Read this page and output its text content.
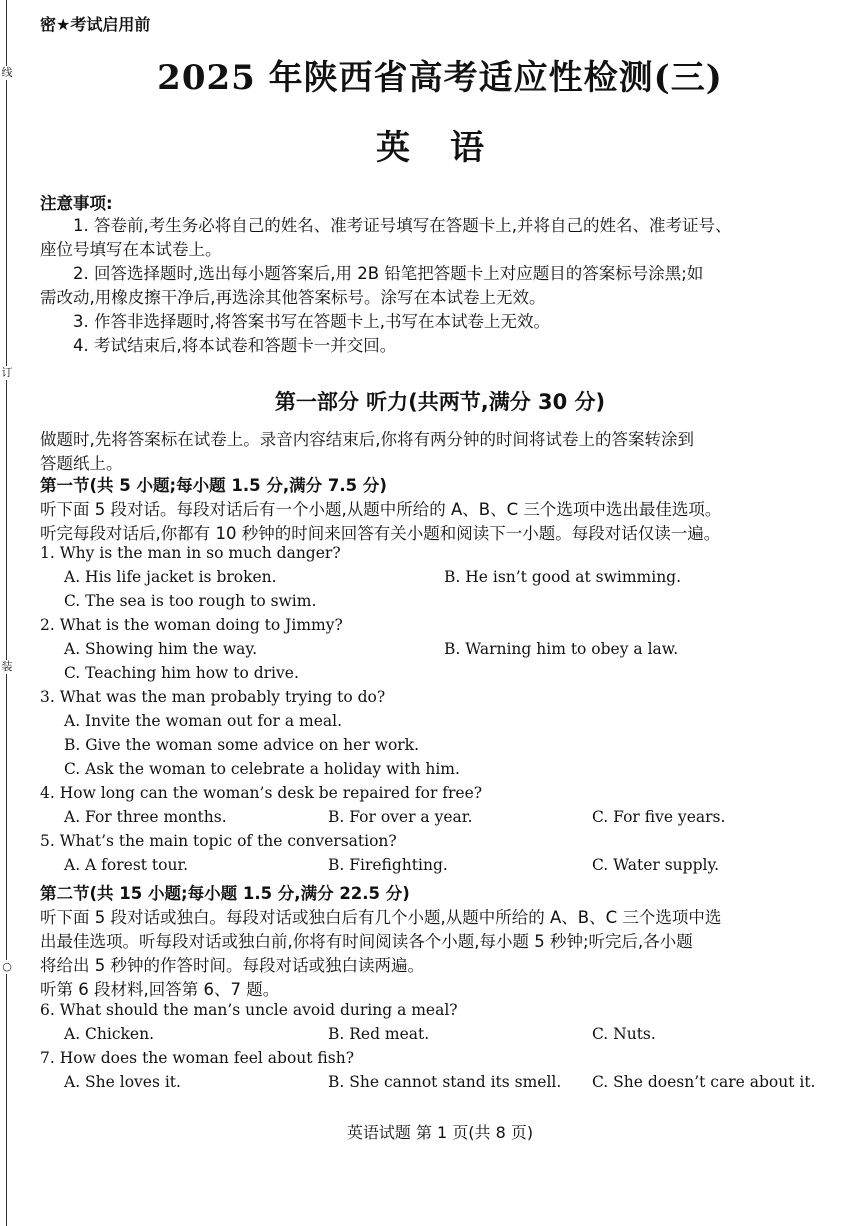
线
订
装
○
密★考试启用前
2025 年陕西省高考适应性检测(三)
英语
注意事项:
1. 答卷前,考生务必将自己的姓名、准考证号填写在答题卡上,并将自己的姓名、准考证号、
座位号填写在本试卷上。
2. 回答选择题时,选出每小题答案后,用 2B 铅笔把答题卡上对应题目的答案标号涂黑;如
需改动,用橡皮擦干净后,再选涂其他答案标号。涂写在本试卷上无效。
3. 作答非选择题时,将答案书写在答题卡上,书写在本试卷上无效。
4. 考试结束后,将本试卷和答题卡一并交回。
第一部分 听力(共两节,满分 30 分)
做题时,先将答案标在试卷上。录音内容结束后,你将有两分钟的时间将试卷上的答案转涂到
答题纸上。
第一节(共 5 小题;每小题 1.5 分,满分 7.5 分)
听下面 5 段对话。每段对话后有一个小题,从题中所给的 A、B、C 三个选项中选出最佳选项。
听完每段对话后,你都有 10 秒钟的时间来回答有关小题和阅读下一小题。每段对话仅读一遍。
1. Why is the man in so much danger?
A. His life jacket is broken.	B. He isn’t good at swimming.
C. The sea is too rough to swim.
2. What is the woman doing to Jimmy?
A. Showing him the way.	B. Warning him to obey a law.
C. Teaching him how to drive.
3. What was the man probably trying to do?
A. Invite the woman out for a meal.
B. Give the woman some advice on her work.
C. Ask the woman to celebrate a holiday with him.
4. How long can the woman’s desk be repaired for free?
A. For three months.	B. For over a year.	C. For five years.
5. What’s the main topic of the conversation?
A. A forest tour.	B. Firefighting.	C. Water supply.
第二节(共 15 小题;每小题 1.5 分,满分 22.5 分)
听下面 5 段对话或独白。每段对话或独白后有几个小题,从题中所给的 A、B、C 三个选项中选
出最佳选项。听每段对话或独白前,你将有时间阅读各个小题,每小题 5 秒钟;听完后,各小题
将给出 5 秒钟的作答时间。每段对话或独白读两遍。
听第 6 段材料,回答第 6、7 题。
6. What should the man’s uncle avoid during a meal?
A. Chicken.	B. Red meat.	C. Nuts.
7. How does the woman feel about fish?
A. She loves it.	B. She cannot stand its smell. C. She doesn’t care about it.
英语试题 第 1 页(共 8 页)
